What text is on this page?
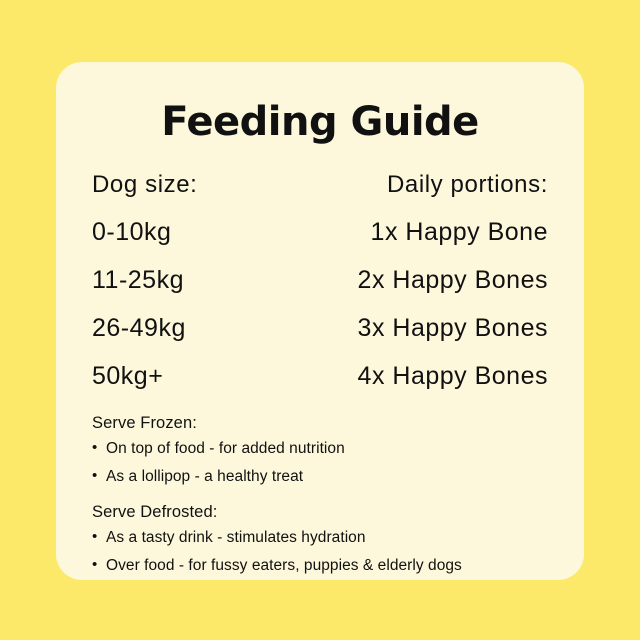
Feeding Guide
Dog size:	Daily portions:
0-10kg	1x Happy Bone
11-25kg	2x Happy Bones
26-49kg	3x Happy Bones
50kg+	4x Happy Bones
Serve Frozen:
• On top of food - for added nutrition
• As a lollipop - a healthy treat
Serve Defrosted:
• As a tasty drink - stimulates hydration
• Over food - for fussy eaters, puppies & elderly dogs
